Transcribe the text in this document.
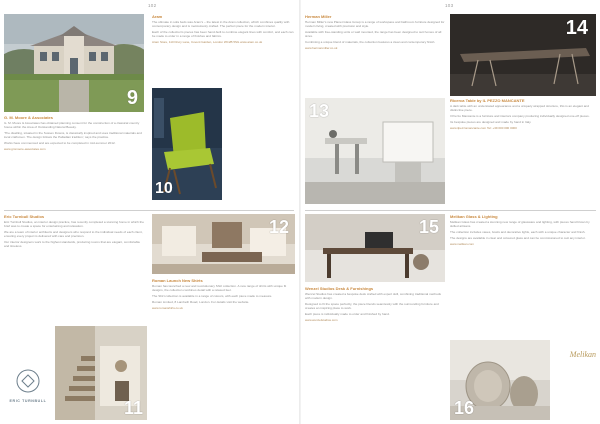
102	103
9
10
Aram

The ultimate in sofa beds was Aram's – the latest in the Aram collection, which combines quality with contemporary design and is meticulously crafted. The perfect piece for the modern interior.

Each of the collection's pieces has been hand-built to combine elegant lines with comfort, and each can be made to order in a range of finishes and fabrics.

Aram Store, 110 Drury Lane, Covent Garden, London WC2B 5SG www.aram.co.uk

G. M. Moore & Associates

G. M. Moore & Associates has obtained planning consent for the construction of a classical country house within the Area of Outstanding Natural Beauty.

'The dwelling, situated in the Sussex Downs, is classically inspired and uses traditional materials and local craftsmen. The design follows the Palladian tradition,' says the practice.

Works have commenced and are expected to be completed in mid-summer 2012.

www.gmmoore-associates.com

Eric Turnbull Studios

Eric Turnbull Studios, an interior design practice, has recently completed a stunning home in which the brief was to create a space for entertaining and relaxation.

We are a team of interior architects and designers who respond to the individual needs of each client, ensuring every project is delivered with care and precision.

Our interior designers work to the highest standards, producing rooms that are elegant, comfortable and timeless.

11
ERIC TURNBULL
12
Roman Launch New Shirts

Roman has launched a new and revolutionary Shirt collection. A new range of shirts with unique fit designs, the collection combines detail with a relaxed feel.

The Shirt collection is available in a range of colours, with each piece made to measure.

Roman Limited, 8 Lambeth Road, London. For details visit the website.

www.romanshirts.co.uk

Herman Miller

Herman Miller's new Planet Glass Group is a range of workspace and bathroom furniture designed for modern living, created with precision and style.

Available with free-standing units or wall mounted, the range has been designed to suit homes of all sizes.

Combining a unique blend of materials, the collection features a clean and contemporary finish.

www.hermanmiller.co.uk

13
14
Ricerca Table by IL PEZZO MANCANTE

A dark table with an understated appearance and a uniquely wrapped structure, this is an elegant and distinctive piece.

Il Pezzo Mancante is a furniture and interiors company producing individually designed one-off pieces.

Its bespoke pieces are designed and made by hand in Italy.

www.ilpezzomancante.com Tel: +39 000 000 0000

15
Wenzel Studios Desk & Furnishings

Wenzel Studios has created a bespoke desk crafted with expert skill, combining traditional methods with modern design.

Designed to fit the space perfectly, the piece blends seamlessly with the surrounding furniture and creates an inspiring place to work.

Each piece is individually made to order and finished by hand.

www.wenzelstudios.com

Melikan Glass & Lighting

Melikan Glass has created a stunning new range of glassware and lighting, with pieces hand blown by skilled artisans.

The collection includes vases, bowls and decorative lights, each with a unique character and finish.

The designs are available in clear and coloured glass and can be commissioned to suit any interior.

www.melikan.com

Melikan
16
